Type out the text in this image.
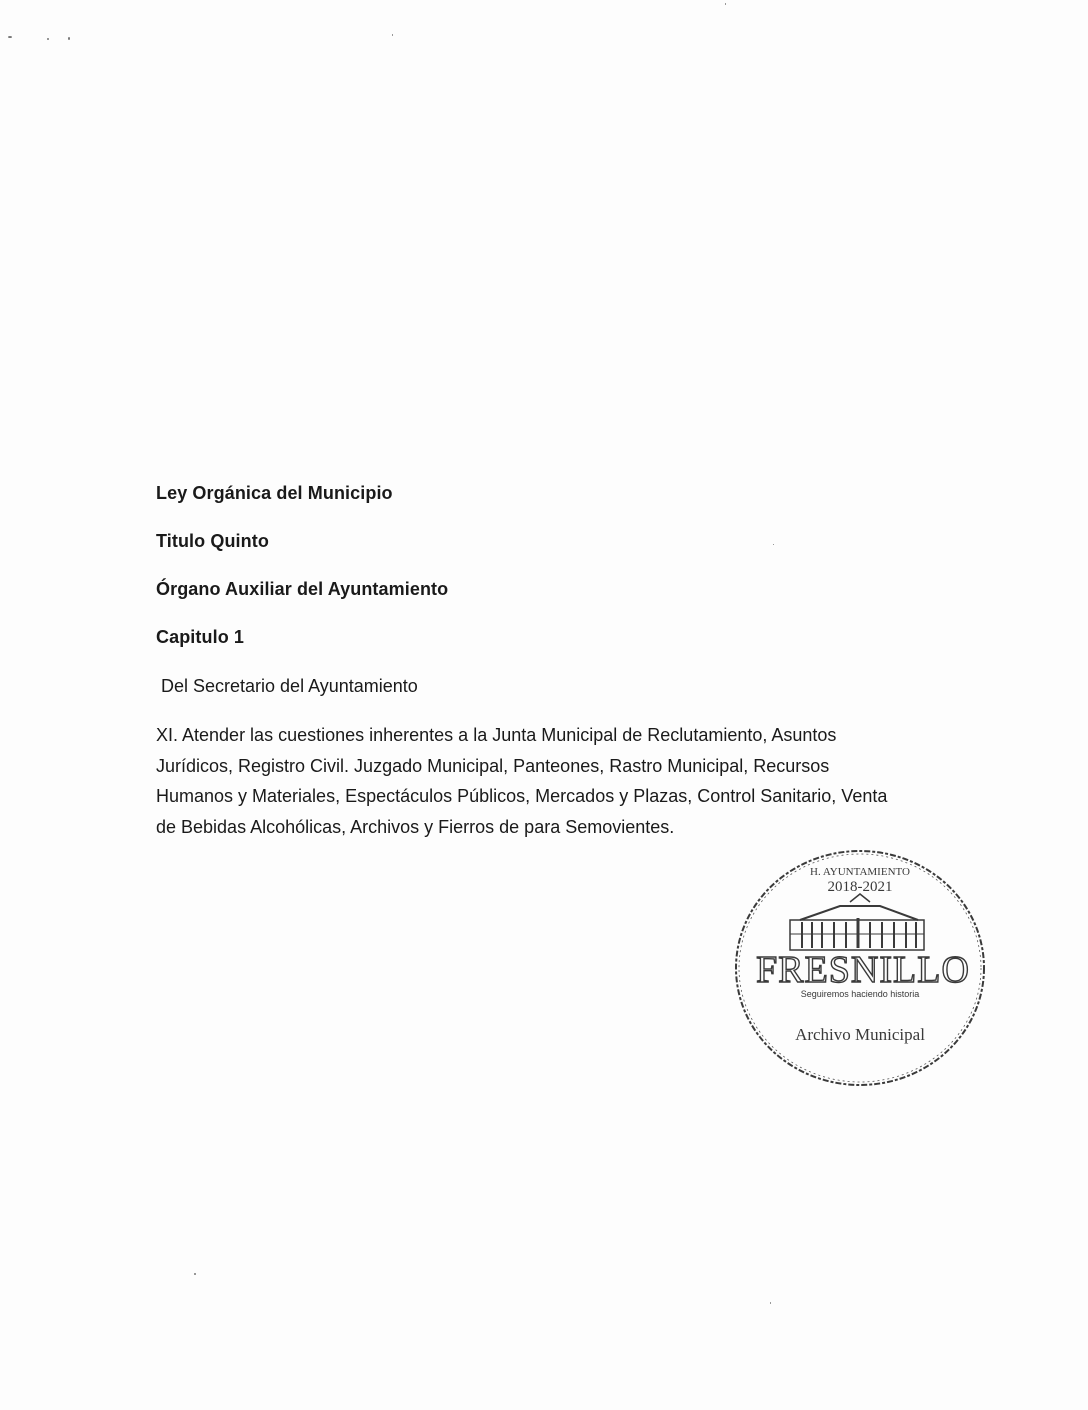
Ley Orgánica del Municipio
Titulo Quinto
Órgano Auxiliar del Ayuntamiento
Capitulo 1
Del Secretario del Ayuntamiento
XI. Atender las cuestiones inherentes a la Junta Municipal de Reclutamiento, Asuntos
Jurídicos, Registro Civil. Juzgado Municipal, Panteones, Rastro Municipal, Recursos
Humanos y Materiales, Espectáculos Públicos, Mercados y Plazas, Control Sanitario, Venta
de Bebidas Alcohólicas, Archivos y Fierros de para Semovientes.
H. AYUNTAMIENTO
2018-2021
FRESNILLO
Seguiremos haciendo historia
Archivo Municipal
